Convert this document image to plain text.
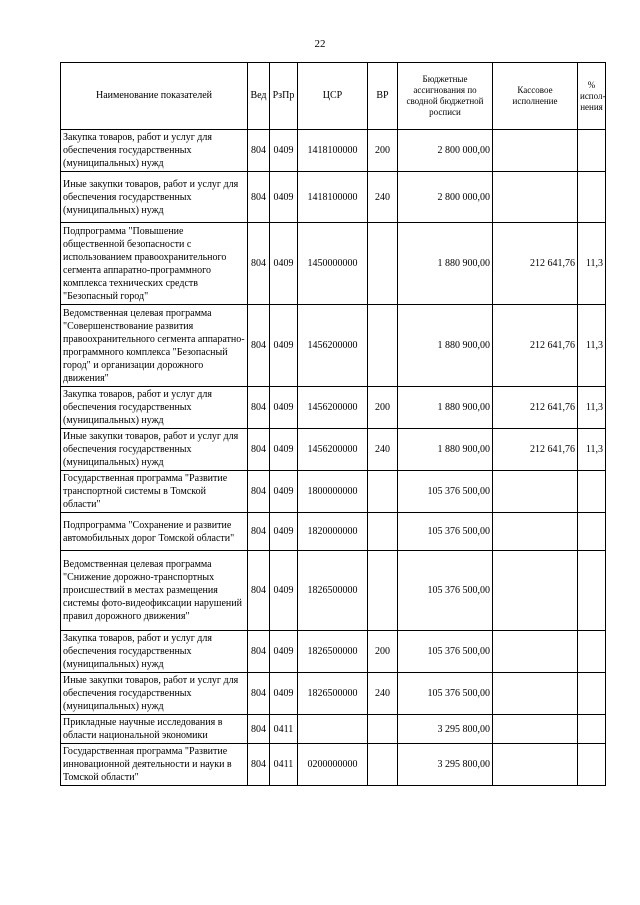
22
Наименование показателей	Вед	РзПр	ЦСР	ВР	Бюджетные ассигнования по сводной бюджетной росписи	Кассовое исполнение	% испол- нения
Закупка товаров, работ и услуг для обеспечения государственных (муниципальных) нужд	804	0409	1418100000	200	2 800 000,00		
Иные закупки товаров, работ и услуг для обеспечения государственных (муниципальных) нужд	804	0409	1418100000	240	2 800 000,00		
Подпрограмма "Повышение общественной безопасности с использованием правоохранительного сегмента аппаратно-программного комплекса технических средств "Безопасный город"	804	0409	1450000000		1 880 900,00	212 641,76	11,3
Ведомственная целевая программа "Совершенствование развития правоохранительного сегмента аппаратно-программного комплекса "Безопасный город" и организации дорожного движения"	804	0409	1456200000		1 880 900,00	212 641,76	11,3
Закупка товаров, работ и услуг для обеспечения государственных (муниципальных) нужд	804	0409	1456200000	200	1 880 900,00	212 641,76	11,3
Иные закупки товаров, работ и услуг для обеспечения государственных (муниципальных) нужд	804	0409	1456200000	240	1 880 900,00	212 641,76	11,3
Государственная программа "Развитие транспортной системы в Томской области"	804	0409	1800000000		105 376 500,00		
Подпрограмма "Сохранение и развитие автомобильных дорог Томской области"	804	0409	1820000000		105 376 500,00		
Ведомственная целевая программа "Снижение дорожно-транспортных происшествий в местах размещения системы фото-видеофиксации нарушений правил дорожного движения"	804	0409	1826500000		105 376 500,00		
Закупка товаров, работ и услуг для обеспечения государственных (муниципальных) нужд	804	0409	1826500000	200	105 376 500,00		
Иные закупки товаров, работ и услуг для обеспечения государственных (муниципальных) нужд	804	0409	1826500000	240	105 376 500,00		
Прикладные научные исследования в области национальной экономики	804	0411			3 295 800,00		
Государственная программа "Развитие инновационной деятельности и науки в Томской области"	804	0411	0200000000		3 295 800,00		
